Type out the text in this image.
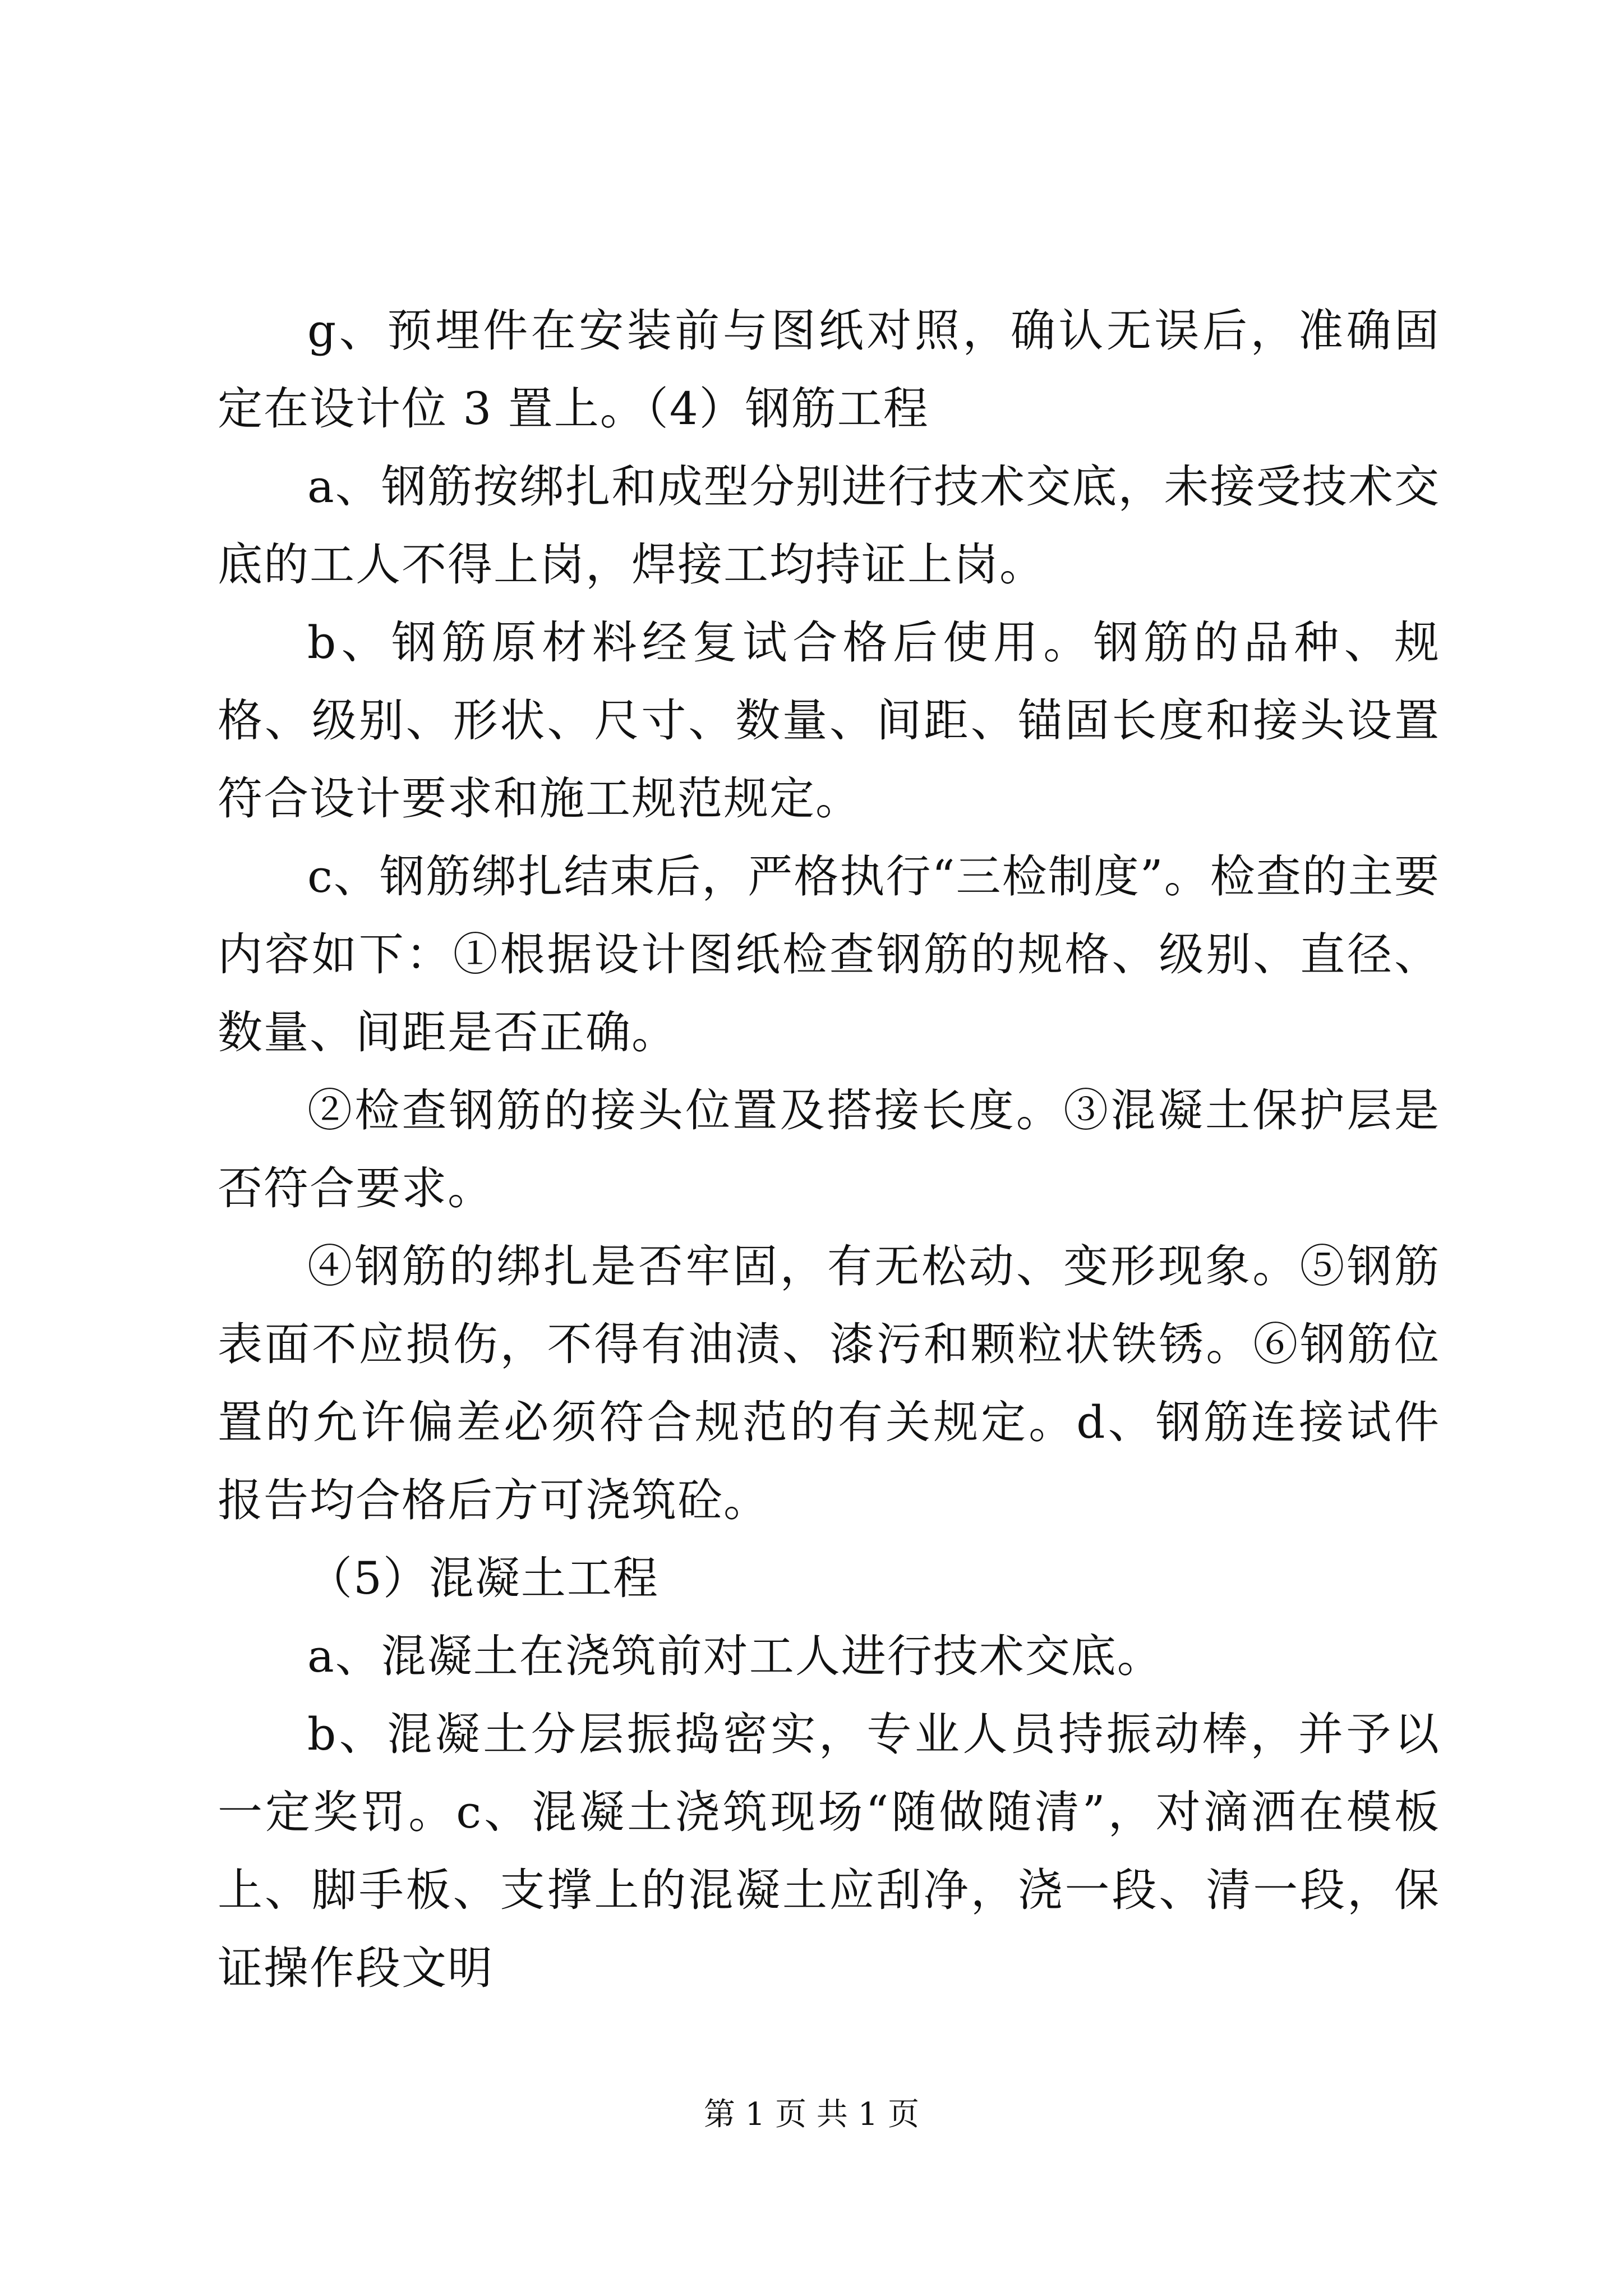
g、预埋件在安装前与图纸对照，确认无误后，准确固定在设计位 3 置上。（4）钢筋工程

a、钢筋按绑扎和成型分别进行技术交底，未接受技术交底的工人不得上岗，焊接工均持证上岗。

b、钢筋原材料经复试合格后使用。钢筋的品种、规格、级别、形状、尺寸、数量、间距、锚固长度和接头设置符合设计要求和施工规范规定。

c、钢筋绑扎结束后，严格执行“三检制度”。检查的主要内容如下：①根据设计图纸检查钢筋的规格、级别、直径、数量、间距是否正确。

②检查钢筋的接头位置及搭接长度。③混凝土保护层是否符合要求。

④钢筋的绑扎是否牢固，有无松动、变形现象。⑤钢筋表面不应损伤，不得有油渍、漆污和颗粒状铁锈。⑥钢筋位置的允许偏差必须符合规范的有关规定。d、钢筋连接试件报告均合格后方可浇筑砼。

（5）混凝土工程

a、混凝土在浇筑前对工人进行技术交底。

b、混凝土分层振捣密实，专业人员持振动棒，并予以一定奖罚。c、混凝土浇筑现场“随做随清”，对滴洒在模板上、脚手板、支撑上的混凝土应刮净，浇一段、清一段，保证操作段文明

第 1 页 共 1 页
